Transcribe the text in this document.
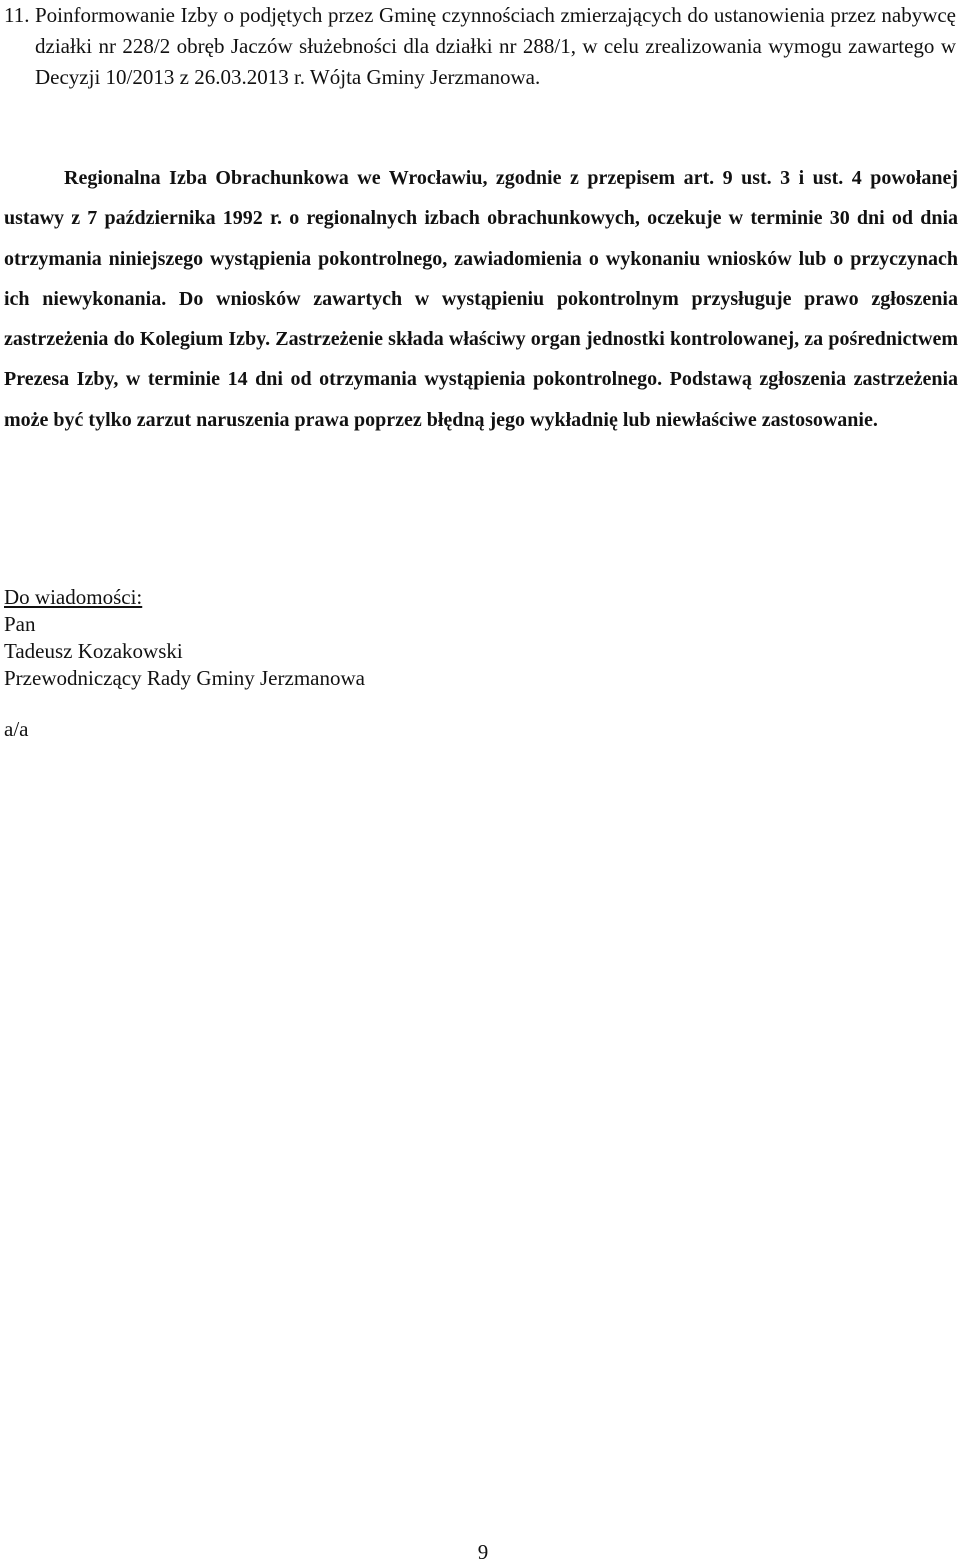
11. Poinformowanie Izby o podjętych przez Gminę czynnościach zmierzających do ustanowienia przez nabywcę działki nr 228/2 obręb Jaczów służebności dla działki nr 288/1, w celu zrealizowania wymogu zawartego w Decyzji 10/2013 z 26.03.2013 r. Wójta Gminy Jerzmanowa.
Regionalna Izba Obrachunkowa we Wrocławiu, zgodnie z przepisem art. 9 ust. 3 i ust. 4 powołanej ustawy z 7 października 1992 r. o regionalnych izbach obrachunkowych, oczekuje w terminie 30 dni od dnia otrzymania niniejszego wystąpienia pokontrolnego, zawiadomienia o wykonaniu wniosków lub o przyczynach ich niewykonania. Do wniosków zawartych w wystąpieniu pokontrolnym przysługuje prawo zgłoszenia zastrzeżenia do Kolegium Izby. Zastrzeżenie składa właściwy organ jednostki kontrolowanej, za pośrednictwem Prezesa Izby, w terminie 14 dni od otrzymania wystąpienia pokontrolnego. Podstawą zgłoszenia zastrzeżenia może być tylko zarzut naruszenia prawa poprzez błędną jego wykładnię lub niewłaściwe zastosowanie.
Do wiadomości:
Pan
Tadeusz Kozakowski
Przewodniczący Rady Gminy Jerzmanowa
a/a
9
